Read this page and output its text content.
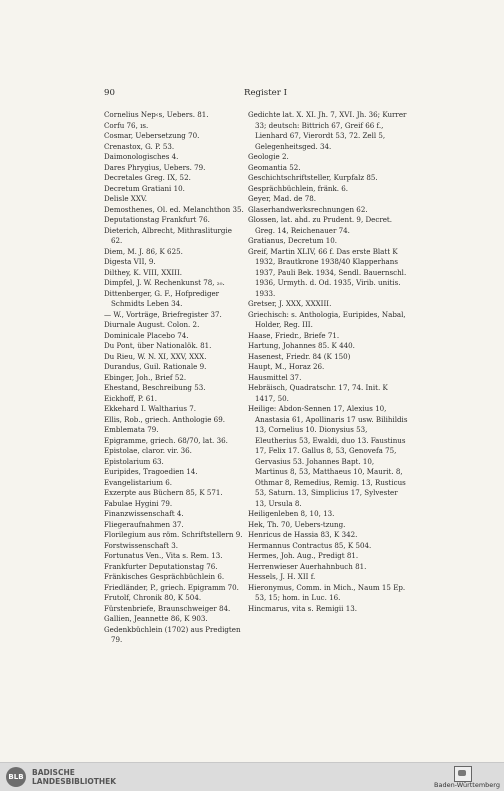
90	Register I

Cornelius Nep‹s, Uebers. 81.

Corfu 76, ıs.

Cosmar, Uebersetzung 70.

Crenastox, G. P. 53.

Daimonologisches 4.

Dares Phrygius, Uebers. 79.

Decretales Greg. IX, 52.

Decretum Gratiani 10.

Delisle XXV.

Demosthenes, Ol. ed. Melanchthon 35.

Deputationstag Frankfurt 76.

Dieterich, Albrecht, Mithrasliturgie 62.

Diem, M. J. 86, K 625.

Digesta VII, 9.

Dilthey, K. VIII, XXIII.

Dimpfel, J. W. Rechenkunst 78, ₂₀.

Dittenberger, G. F., Hofprediger Schmidts Leben 34.

— W., Vorträge, Briefregister 37.

Diurnale August. Colon. 2.

Dominicale Placebo 74.

Du Pont, über Nationalök. 81.

Du Rieu, W. N. XI, XXV, XXX.

Durandus, Guil. Rationale 9.

Ebinger, Joh., Brief 52.

Ehestand, Beschreibung 53.

Eickhoff, P. 61.

Ekkehard I. Waltharius 7.

Ellis, Rob., griech. Anthologie 69.

Emblemata 79.

Epigramme, griech. 68/70, lat. 36.

Epistolae, claror. vir. 36.

Epistolarium 63.

Euripides, Tragoedien 14.

Evangelistarium 6.

Exzerpte aus Büchern 85, K 571.

Fabulae Hygini 79.

Finanzwissenschaft 4.

Fliegeraufnahmen 37.

Florilegium aus röm. Schriftstellern 9.

Forstwissenschaft 3.

Fortunatus Ven., Vita s. Rem. 13.

Frankfurter Deputationstag 76.

Fränkisches Gesprächbüchlein 6.

Friedländer, P., griech. Epigramm 70.

Frutolf, Chronik 80, K 504.

Fürstenbriefe, Braunschweiger 84.

Gallien, Jeannette 86, K 903.

Gedenkbüchlein (1702) aus Predigten 79.

Gedichte lat. X. XI. Jh. 7, XVI. Jh. 36; Kurrer 33; deutsch: Bittrich 67, Greif 66 f., Lienhard 67, Vierordt 53, 72. Zell 5, Gelegenheitsged. 34.

Geologie 2.

Geomantia 52.

Geschichtschriftsteller, Kurpfalz 85.

Gesprächbüchlein, fränk. 6.

Geyer, Mad. de 78.

Glaserhandwerksrechnungen 62.

Glossen, lat. ahd. zu Prudent. 9, Decret. Greg. 14, Reichenauer 74.

Gratianus, Decretum 10.

Greif, Martin XLIV, 66 f. Das erste Blatt K 1932, Brautkrone 1938/40 Klapperhans 1937, Pauli Bek. 1934, Sendl. Bauernschl. 1936, Urmyth. d. Od. 1935, Virib. unitis. 1933.

Gretser, J. XXX, XXXIII.

Griechisch: s. Anthologia, Euripides, Nabal, Holder, Reg. III.

Haase, Friedr., Briefe 71.

Hartung, Johannes 85. K 440.

Hasenest, Friedr. 84 (K 150)

Haupt, M., Horaz 26.

Hausmittel 37.

Hebräisch, Quadratschr. 17, 74. Init. K 1417, 50.

Heilige: Abdon-Sennen 17, Alexius 10, Anastasia 61, Apollinaris 17 usw. Bilihildis 13, Cornelius 10. Dionysius 53, Eleutherius 53, Ewaldi, duo 13. Faustinus 17, Felix 17. Gallus 8, 53, Genovefa 75, Gervasius 53. Johannes Bapt. 10, Martinus 8, 53, Matthaeus 10, Maurit. 8, Othmar 8, Remedius, Remig. 13, Rusticus 53, Saturn. 13, Simplicius 17, Sylvester 13, Ursula 8.

Heiligenleben 8, 10, 13.

Hek, Th. 70, Uebers-tzung.

Henricus de Hassia 83, K 342.

Hermannus Contractus 85, K 504.

Hermes, Joh. Aug., Predigt 81.

Herrenwieser Auerhahnbuch 81.

Hessels, J. H. XII f.

Hieronymus, Comm. in Mich., Naum 15 Ep. 53, 15; hom. in Luc. 16.

Hincmarus, vita s. Remigii 13.

BLB	BADISCHE
LANDESBIBLIOTHEK	Baden-Württemberg
